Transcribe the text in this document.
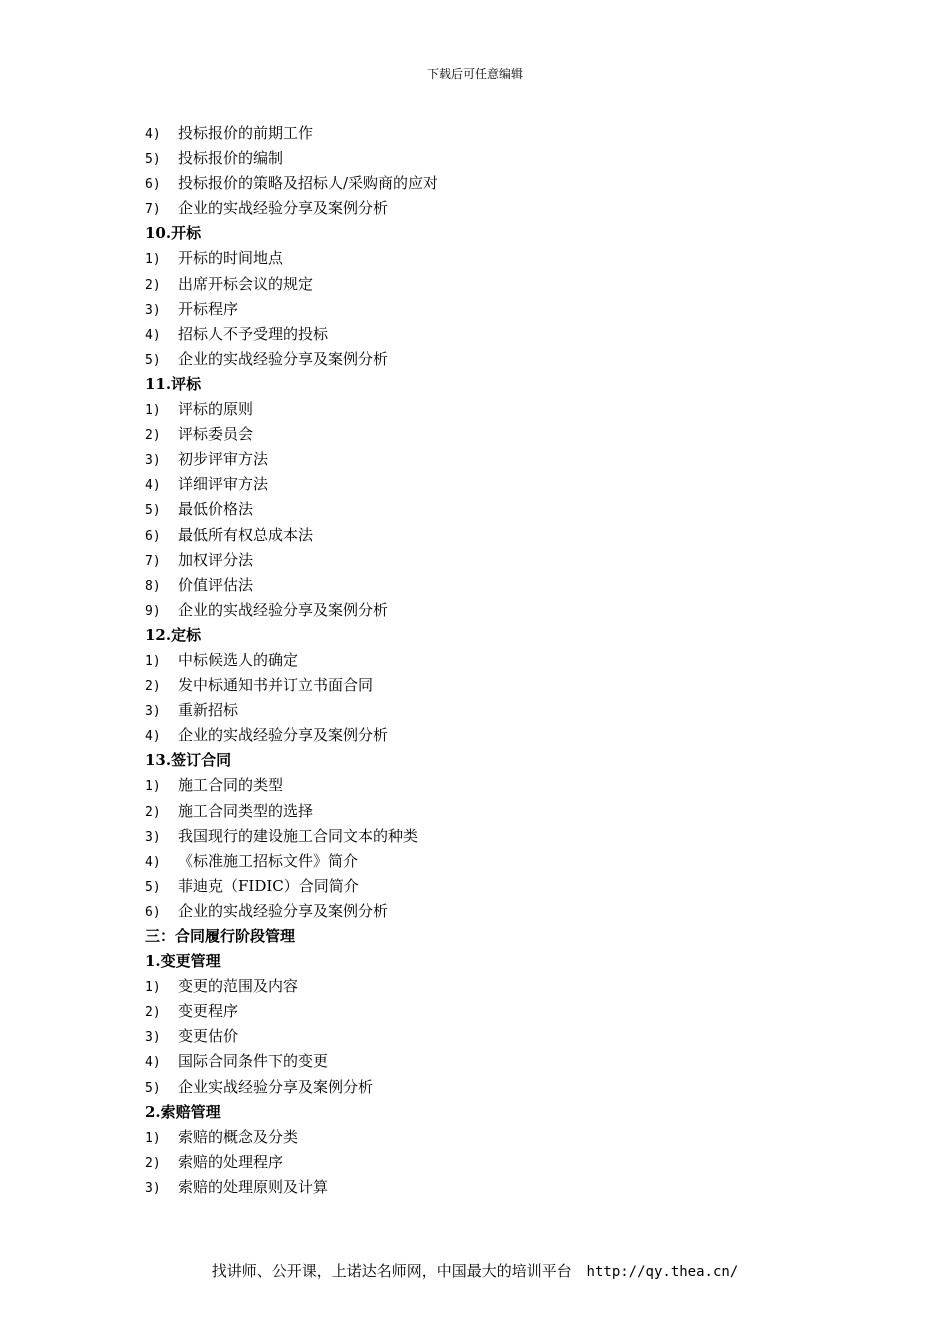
下载后可任意编辑
4) 投标报价的前期工作
5) 投标报价的编制
6) 投标报价的策略及招标人/采购商的应对
7) 企业的实战经验分享及案例分析
10.开标
1) 开标的时间地点
2) 出席开标会议的规定
3) 开标程序
4) 招标人不予受理的投标
5) 企业的实战经验分享及案例分析
11.评标
1) 评标的原则
2) 评标委员会
3) 初步评审方法
4) 详细评审方法
5) 最低价格法
6) 最低所有权总成本法
7) 加权评分法
8) 价值评估法
9) 企业的实战经验分享及案例分析
12.定标
1) 中标候选人的确定
2) 发中标通知书并订立书面合同
3) 重新招标
4) 企业的实战经验分享及案例分析
13.签订合同
1) 施工合同的类型
2) 施工合同类型的选择
3) 我国现行的建设施工合同文本的种类
4) 《标准施工招标文件》简介
5) 菲迪克（FIDIC）合同简介
6) 企业的实战经验分享及案例分析
三：合同履行阶段管理
1.变更管理
1) 变更的范围及内容
2) 变更程序
3) 变更估价
4) 国际合同条件下的变更
5) 企业实战经验分享及案例分析
2.索赔管理
1) 索赔的概念及分类
2) 索赔的处理程序
3) 索赔的处理原则及计算
找讲师、公开课，上诺达名师网，中国最大的培训平台 http://qy.thea.cn/
